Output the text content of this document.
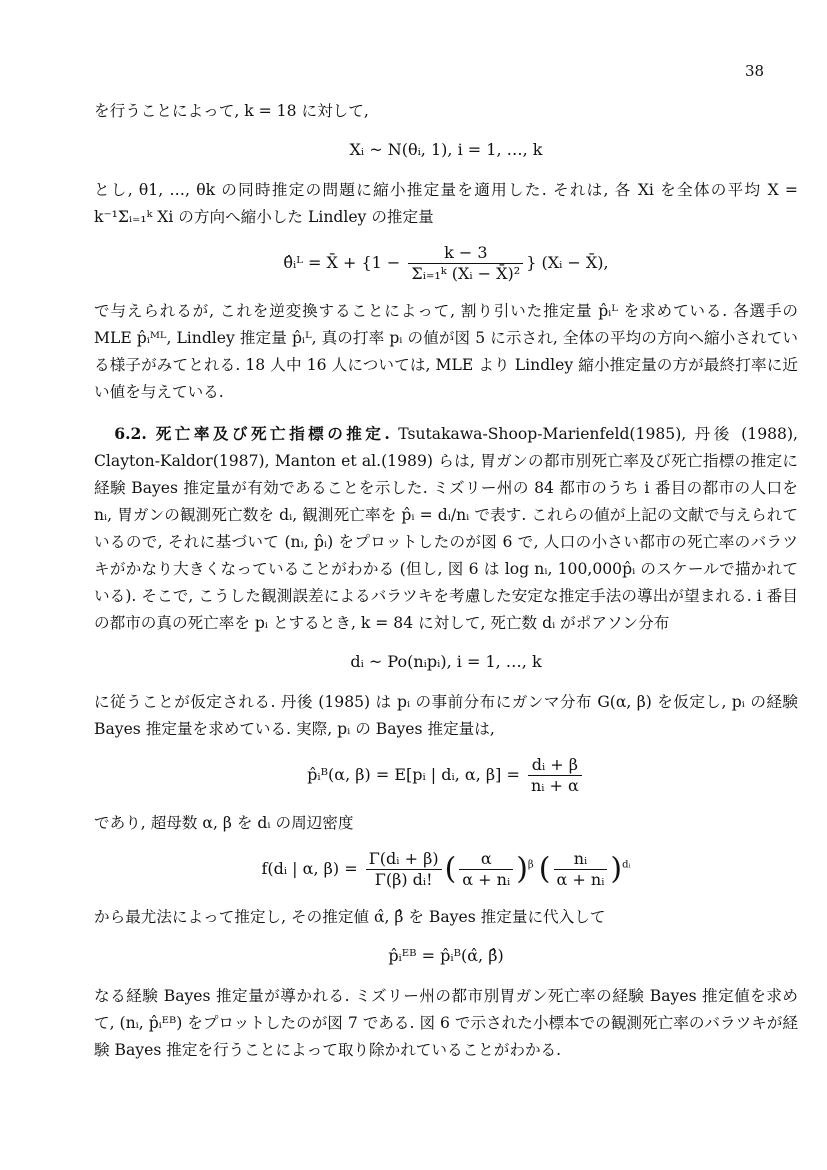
38

を行うことによって, k = 18 に対して,

Xᵢ ~ N(θᵢ, 1), i = 1, …, k

とし, θ1, …, θk の同時推定の問題に縮小推定量を適用した. それは, 各 Xi を全体の平均 X = k⁻¹Σᵢ₌₁ᵏ Xi の方向へ縮小した Lindley の推定量

θ̂ᵢᴸ = X̄ + {$1 - \frac{k - 3}{\text{Σᵢ₌₁ᵏ (Xᵢ − X̄)²}}$ } (Xᵢ − X̄),

で与えられるが, これを逆変換することによって, 割り引いた推定量 p̂ᵢᴸ を求めている. 各選手の MLE p̂ᵢᴹᴸ, Lindley 推定量 p̂ᵢᴸ, 真の打率 pᵢ の値が図 5 に示され, 全体の平均の方向へ縮小されている様子がみてとれる. 18 人中 16 人については, MLE より Lindley 縮小推定量の方が最終打率に近い値を与えている.

6.2. 死亡率及び死亡指標の推定. Tsutakawa-Shoop-Marienfeld(1985), 丹後 (1988), Clayton-Kaldor(1987), Manton et al.(1989) らは, 胃ガンの都市別死亡率及び死亡指標の推定に経験 Bayes 推定量が有効であることを示した. ミズリー州の 84 都市のうち i 番目の都市の人口を nᵢ, 胃ガンの観測死亡数を dᵢ, 観測死亡率を p̂ᵢ = dᵢ/nᵢ で表す. これらの値が上記の文献で与えられているので, それに基づいて (nᵢ, p̂ᵢ) をプロットしたのが図 6 で, 人口の小さい都市の死亡率のバラツキがかなり大きくなっていることがわかる (但し, 図 6 は log nᵢ, 100,000p̂ᵢ のスケールで描かれている). そこで, こうした観測誤差によるバラツキを考慮した安定な推定手法の導出が望まれる. i 番目の都市の真の死亡率を pᵢ とするとき, k = 84 に対して, 死亡数 dᵢ がポアソン分布

dᵢ ~ Po(nᵢpᵢ), i = 1, …, k

に従うことが仮定される. 丹後 (1985) は pᵢ の事前分布にガンマ分布 G(α, β) を仮定し, pᵢ の経験 Bayes 推定量を求めている. 実際, pᵢ の Bayes 推定量は,

p̂ᵢᴮ(α, β) = E[pᵢ | dᵢ, α, $\beta] = \frac{\text{dᵢ + β}}{\text{nᵢ + α}}$

であり, 超母数 α, β を dᵢ の周辺密度

f(dᵢ | α, $\beta) = \frac{\text{Γ(dᵢ + β)}}{\text{Γ(β) dᵢ!}}$ ( $\frac{\alpha}{\text{α + nᵢ}} )^\beta$ ( $\frac{\text{nᵢ}}{\text{α + nᵢ}} )^{dᵢ}$

から最尤法によって推定し, その推定値 α̂, β̂ を Bayes 推定量に代入して

p̂ᵢᴱᴮ = p̂ᵢᴮ(α̂, β̂)

なる経験 Bayes 推定量が導かれる. ミズリー州の都市別胃ガン死亡率の経験 Bayes 推定値を求めて, (nᵢ, p̂ᵢᴱᴮ) をプロットしたのが図 7 である. 図 6 で示された小標本での観測死亡率のバラツキが経験 Bayes 推定を行うことによって取り除かれていることがわかる.
